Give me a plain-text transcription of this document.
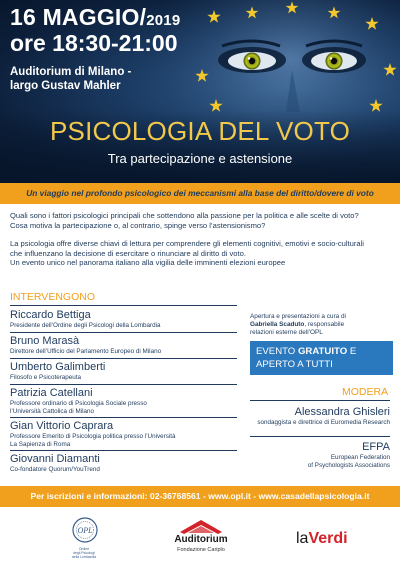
16 MAGGIO/2019
ore 18:30-21:00
Auditorium di Milano -
largo Gustav Mahler
PSICOLOGIA DEL VOTO
Tra partecipazione e astensione
Un viaggio nel profondo psicologico dei meccanismi alla base del diritto/dovere di voto
Quali sono i fattori psicologici principali che sottendono alla passione per la politica e alle scelte di voto?
Cosa motiva la partecipazione o, al contrario, spinge verso l’astensionismo?
La psicologia offre diverse chiavi di lettura per comprendere gli elementi cognitivi, emotivi e socio-culturali
che influenzano la decisione di esercitare o rinunciare al diritto di voto.
Un evento unico nel panorama italiano alla vigilia delle imminenti elezioni europee
INTERVENGONO
Riccardo Bettiga
Presidente dell’Ordine degli Psicologi della Lombardia
Bruno Marasà
Direttore dell’Ufficio del Parlamento Europeo di Milano
Umberto Galimberti
Filosofo e Psicoterapeuta
Patrizia Catellani
Professore ordinario di Psicologia Sociale presso
l’Università Cattolica di Milano
Gian Vittorio Caprara
Professore Emerito di Psicologia politica presso l’Università
La Sapienza di Roma
Giovanni Diamanti
Co-fondatore Quorum/YouTrend
Apertura e presentazioni a cura di
Gabriella Scaduto, responsabile
relazioni esterne dell’OPL
EVENTO GRATUITO E
APERTO A TUTTI
MODERA
Alessandra Ghisleri
sondaggista e direttrice di Euromedia Research
EFPA
European Federation
of Psychologists Associations
Per iscrizioni e informazioni: 02-36768561 - www.opl.it - www.casadellapsicologia.it
OPL
Ordine
degli Psicologi
della Lombardia
Auditorium
Fondazione Cariplo
laVerdi
